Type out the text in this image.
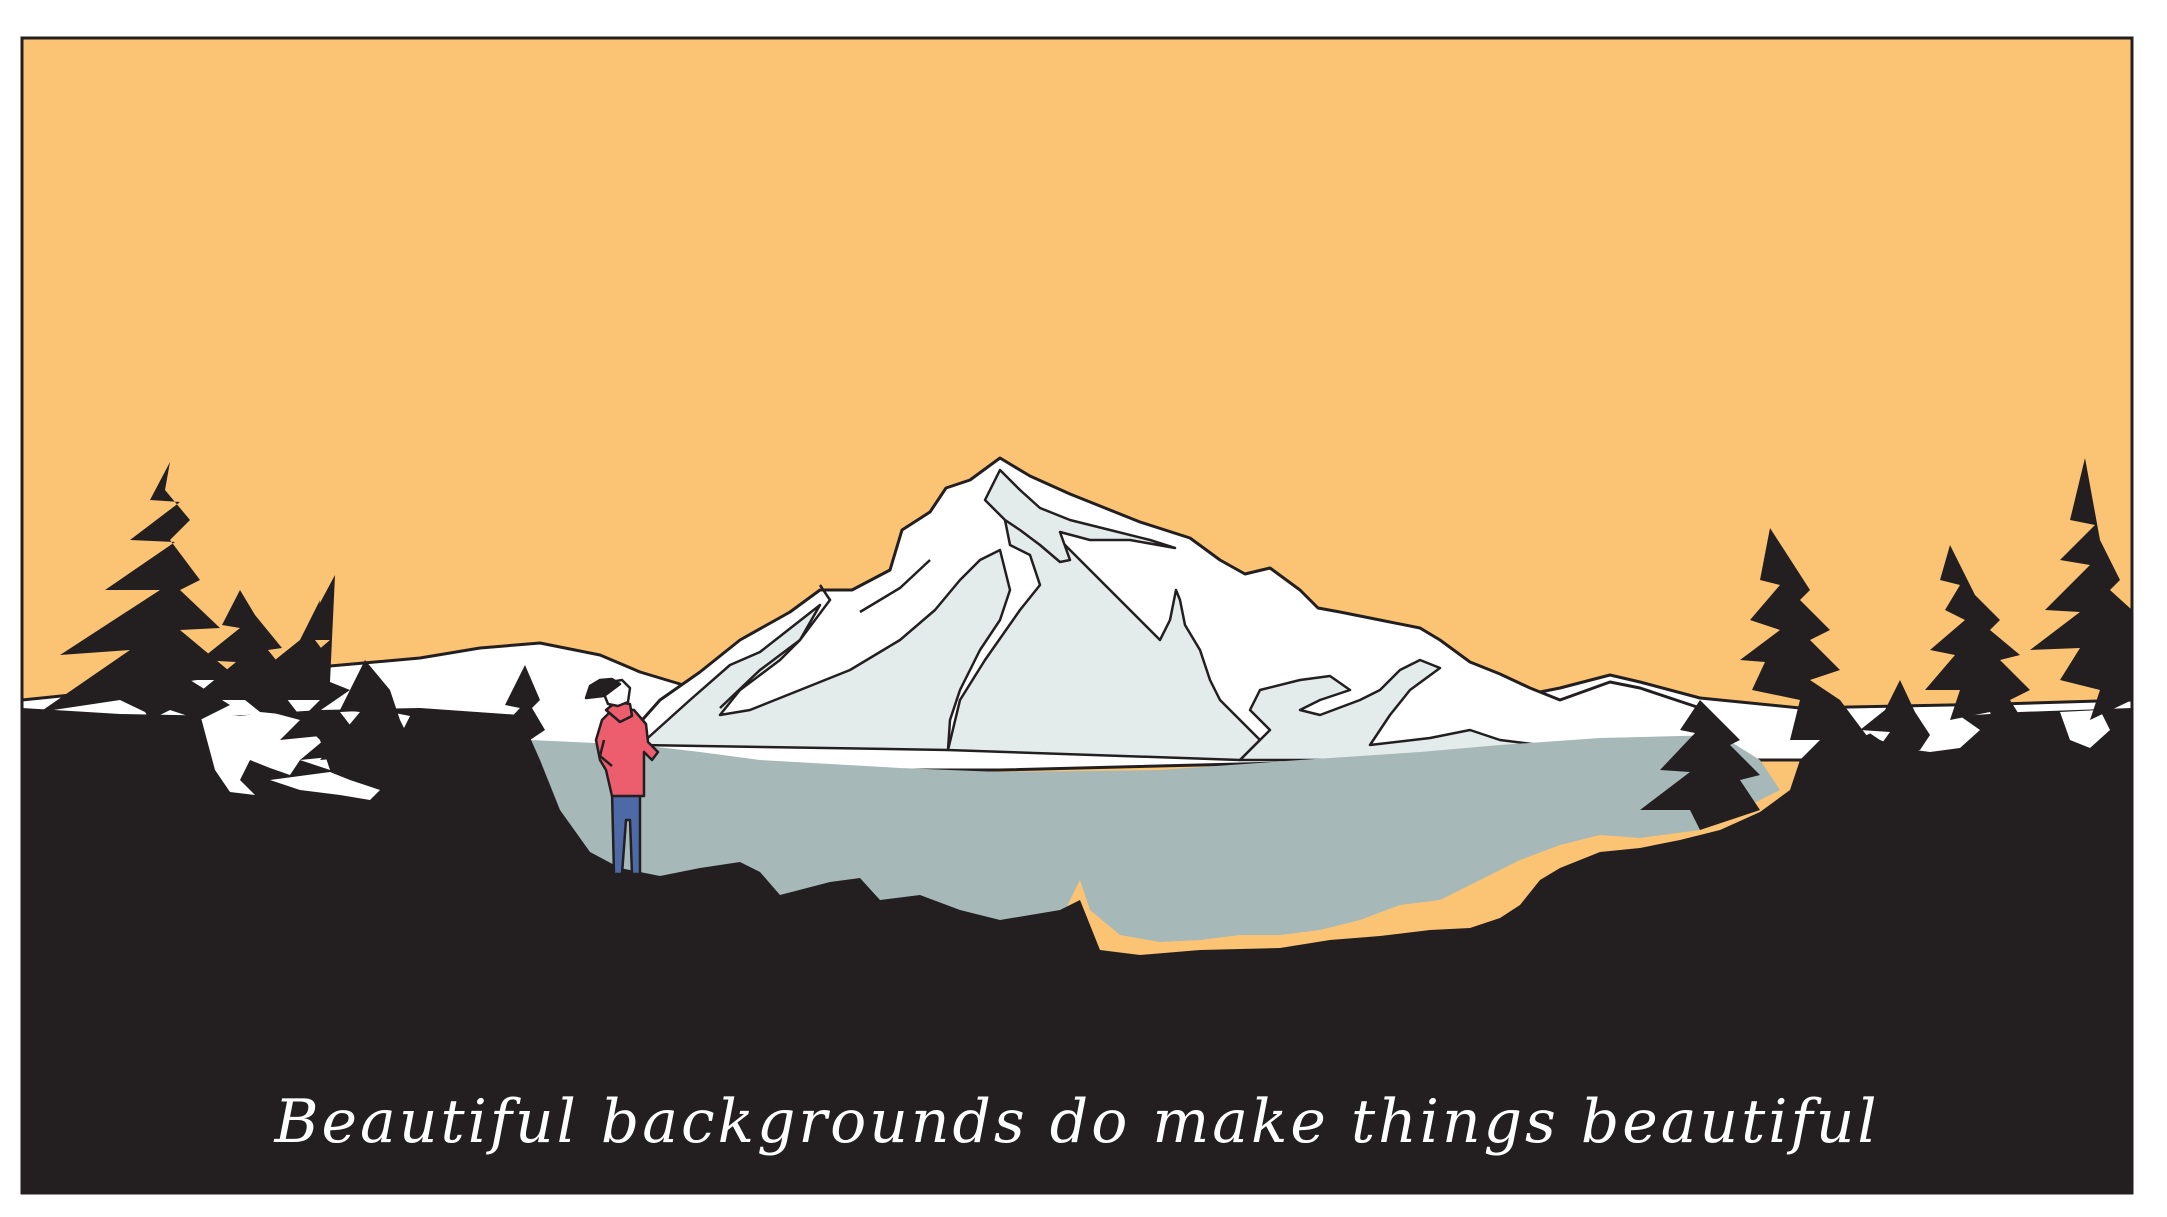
Beautiful backgrounds do make things beautiful
